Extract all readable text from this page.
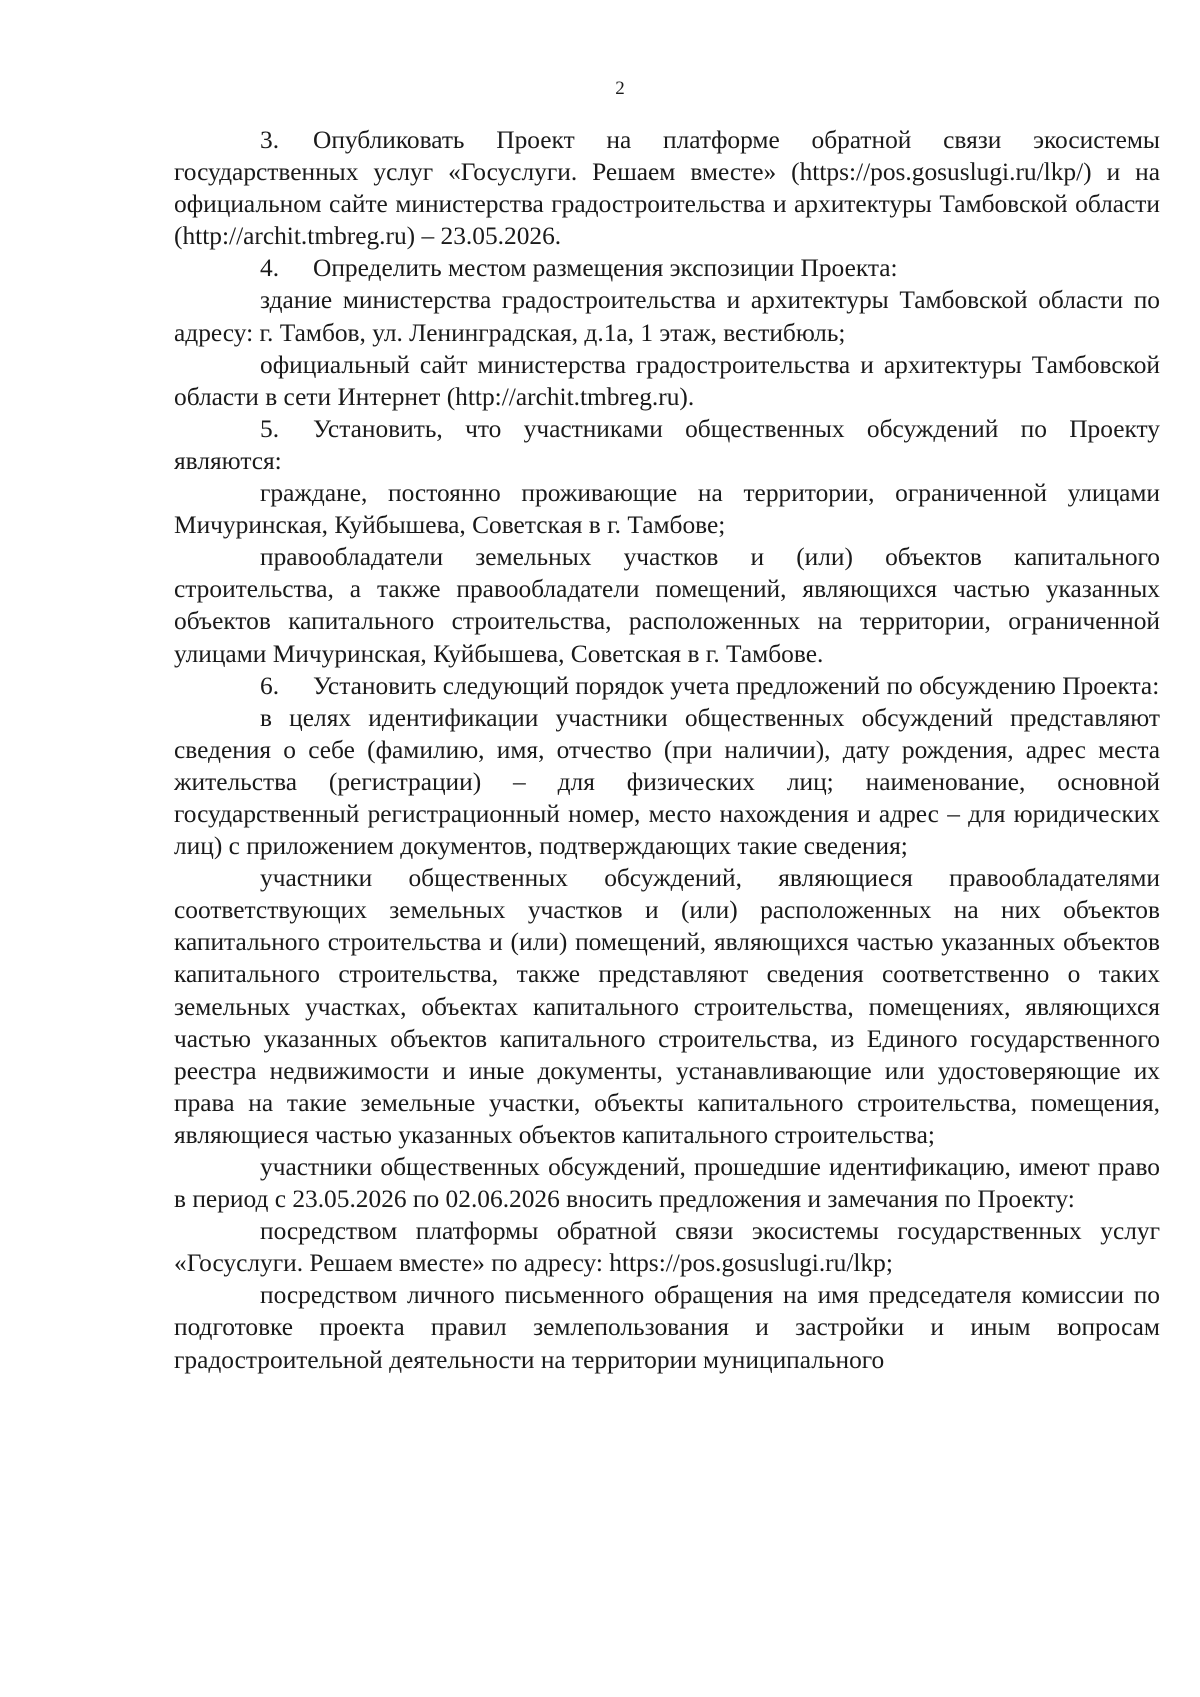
2

3. Опубликовать Проект на платформе обратной связи экосистемы государственных услуг «Госуслуги. Решаем вместе» (https://pos.gosuslugi.ru/lkp/) и на официальном сайте министерства градостроительства и архитектуры Тамбовской области (http://archit.tmbreg.ru) – 23.05.2026.

4. Определить местом размещения экспозиции Проекта:

здание министерства градостроительства и архитектуры Тамбовской области по адресу: г. Тамбов, ул. Ленинградская, д.1а, 1 этаж, вестибюль;

официальный сайт министерства градостроительства и архитектуры Тамбовской области в сети Интернет (http://archit.tmbreg.ru).

5. Установить, что участниками общественных обсуждений по Проекту являются:

граждане, постоянно проживающие на территории, ограниченной улицами Мичуринская, Куйбышева, Советская в г. Тамбове;

правообладатели земельных участков и (или) объектов капитального строительства, а также правообладатели помещений, являющихся частью указанных объектов капитального строительства, расположенных на территории, ограниченной улицами Мичуринская, Куйбышева, Советская в г. Тамбове.

6. Установить следующий порядок учета предложений по обсуждению Проекта:

в целях идентификации участники общественных обсуждений представляют сведения о себе (фамилию, имя, отчество (при наличии), дату рождения, адрес места жительства (регистрации) – для физических лиц; наименование, основной государственный регистрационный номер, место нахождения и адрес – для юридических лиц) с приложением документов, подтверждающих такие сведения;

участники общественных обсуждений, являющиеся правообладателями соответствующих земельных участков и (или) расположенных на них объектов капитального строительства и (или) помещений, являющихся частью указанных объектов капитального строительства, также представляют сведения соответственно о таких земельных участках, объектах капитального строительства, помещениях, являющихся частью указанных объектов капитального строительства, из Единого государственного реестра недвижимости и иные документы, устанавливающие или удостоверяющие их права на такие земельные участки, объекты капитального строительства, помещения, являющиеся частью указанных объектов капитального строительства;

участники общественных обсуждений, прошедшие идентификацию, имеют право в период с 23.05.2026 по 02.06.2026 вносить предложения и замечания по Проекту:

посредством платформы обратной связи экосистемы государственных услуг «Госуслуги. Решаем вместе» по адресу: https://pos.gosuslugi.ru/lkp;

посредством личного письменного обращения на имя председателя комиссии по подготовке проекта правил землепользования и застройки и иным вопросам градостроительной деятельности на территории муниципального
